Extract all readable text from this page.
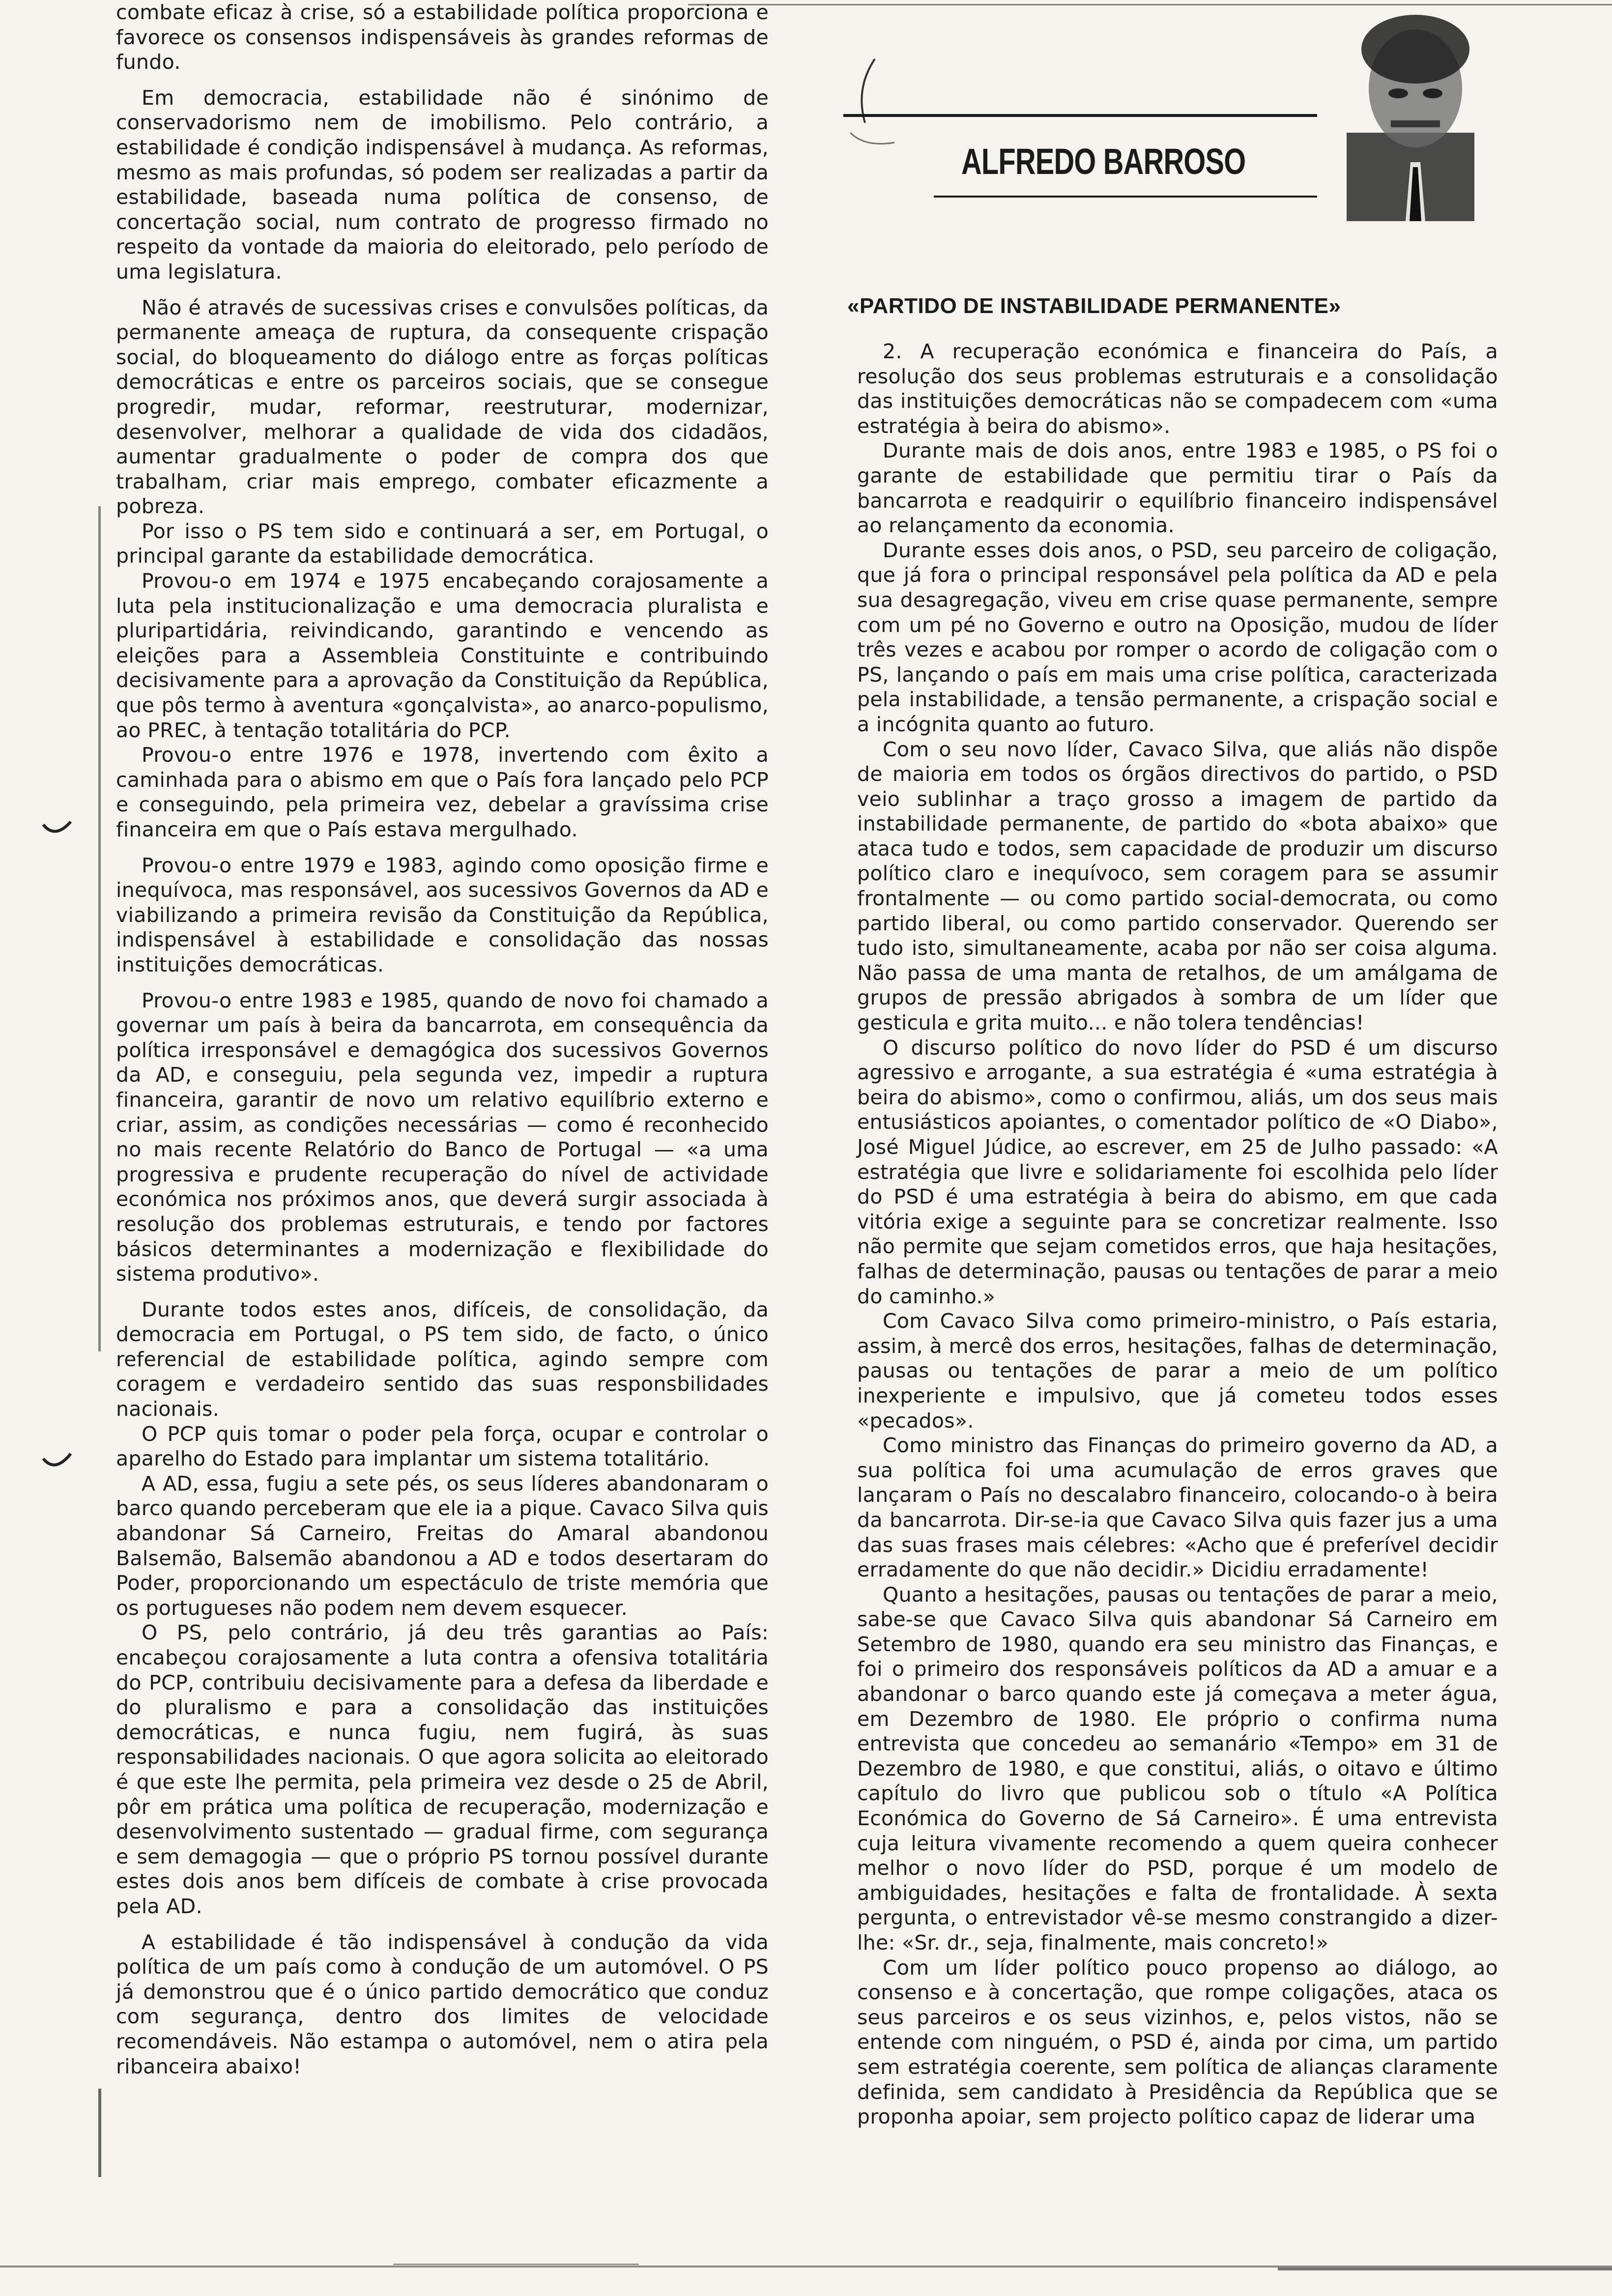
ALFREDO BARROSO
«PARTIDO DE INSTABILIDADE PERMANENTE»

combate eficaz à crise, só a estabilidade política proporciona e favorece os consensos indispensáveis às grandes reformas de fundo.

Em democracia, estabilidade não é sinónimo de conservadorismo nem de imobilismo. Pelo contrário, a estabilidade é condição indispensável à mudança. As reformas, mesmo as mais profundas, só podem ser realizadas a partir da estabilidade, baseada numa política de consenso, de concertação social, num contrato de progresso firmado no respeito da vontade da maioria do eleitorado, pelo período de uma legislatura.

Não é através de sucessivas crises e convulsões políticas, da permanente ameaça de ruptura, da consequente crispação social, do bloqueamento do diálogo entre as forças políticas democráticas e entre os parceiros sociais, que se consegue progredir, mudar, reformar, reestruturar, modernizar, desenvolver, melhorar a qualidade de vida dos cidadãos, aumentar gradualmente o poder de compra dos que trabalham, criar mais emprego, combater eficazmente a pobreza.

Por isso o PS tem sido e continuará a ser, em Portugal, o principal garante da estabilidade democrática.

Provou-o em 1974 e 1975 encabeçando corajosamente a luta pela institucionalização e uma democracia pluralista e pluripartidária, reivindicando, garantindo e vencendo as eleições para a Assembleia Constituinte e contribuindo decisivamente para a aprovação da Constituição da República, que pôs termo à aventura «gonçalvista», ao anarco-populismo, ao PREC, à tentação totalitária do PCP.

Provou-o entre 1976 e 1978, invertendo com êxito a caminhada para o abismo em que o País fora lançado pelo PCP e conseguindo, pela primeira vez, debelar a gravíssima crise financeira em que o País estava mergulhado.

Provou-o entre 1979 e 1983, agindo como oposição firme e inequívoca, mas responsável, aos sucessivos Governos da AD e viabilizando a primeira revisão da Constituição da República, indispensável à estabilidade e consolidação das nossas instituições democráticas.

Provou-o entre 1983 e 1985, quando de novo foi chamado a governar um país à beira da bancarrota, em consequência da política irresponsável e demagógica dos sucessivos Governos da AD, e conseguiu, pela segunda vez, impedir a ruptura financeira, garantir de novo um relativo equilíbrio externo e criar, assim, as condições necessárias — como é reconhecido no mais recente Relatório do Banco de Portugal — «a uma progressiva e prudente recuperação do nível de actividade económica nos próximos anos, que deverá surgir associada à resolução dos problemas estruturais, e tendo por factores básicos determinantes a modernização e flexibilidade do sistema produtivo».

Durante todos estes anos, difíceis, de consolidação, da democracia em Portugal, o PS tem sido, de facto, o único referencial de estabilidade política, agindo sempre com coragem e verdadeiro sentido das suas responsbilidades nacionais.

O PCP quis tomar o poder pela força, ocupar e controlar o aparelho do Estado para implantar um sistema totalitário.

A AD, essa, fugiu a sete pés, os seus líderes abandonaram o barco quando perceberam que ele ia a pique. Cavaco Silva quis abandonar Sá Carneiro, Freitas do Amaral abandonou Balsemão, Balsemão abandonou a AD e todos desertaram do Poder, proporcionando um espectáculo de triste memória que os portugueses não podem nem devem esquecer.

O PS, pelo contrário, já deu três garantias ao País: encabeçou corajosamente a luta contra a ofensiva totalitária do PCP, contribuiu decisivamente para a defesa da liberdade e do pluralismo e para a consolidação das instituições democráticas, e nunca fugiu, nem fugirá, às suas responsabilidades nacionais. O que agora solicita ao eleitorado é que este lhe permita, pela primeira vez desde o 25 de Abril, pôr em prática uma política de recuperação, modernização e desenvolvimento sustentado — gradual firme, com segurança e sem demagogia — que o próprio PS tornou possível durante estes dois anos bem difíceis de combate à crise provocada pela AD.

A estabilidade é tão indispensável à condução da vida política de um país como à condução de um automóvel. O PS já demonstrou que é o único partido democrático que conduz com segurança, dentro dos limites de velocidade recomendáveis. Não estampa o automóvel, nem o atira pela ribanceira abaixo!

2. A recuperação económica e financeira do País, a resolução dos seus problemas estruturais e a consolidação das instituições democráticas não se compadecem com «uma estratégia à beira do abismo».

Durante mais de dois anos, entre 1983 e 1985, o PS foi o garante de estabilidade que permitiu tirar o País da bancarrota e readquirir o equilíbrio financeiro indispensável ao relançamento da economia.

Durante esses dois anos, o PSD, seu parceiro de coligação, que já fora o principal responsável pela política da AD e pela sua desagregação, viveu em crise quase permanente, sempre com um pé no Governo e outro na Oposição, mudou de líder três vezes e acabou por romper o acordo de coligação com o PS, lançando o país em mais uma crise política, caracterizada pela instabilidade, a tensão permanente, a crispação social e a incógnita quanto ao futuro.

Com o seu novo líder, Cavaco Silva, que aliás não dispõe de maioria em todos os órgãos directivos do partido, o PSD veio sublinhar a traço grosso a imagem de partido da instabilidade permanente, de partido do «bota abaixo» que ataca tudo e todos, sem capacidade de produzir um discurso político claro e inequívoco, sem coragem para se assumir frontalmente — ou como partido social-democrata, ou como partido liberal, ou como partido conservador. Querendo ser tudo isto, simultaneamente, acaba por não ser coisa alguma. Não passa de uma manta de retalhos, de um amálgama de grupos de pressão abrigados à sombra de um líder que gesticula e grita muito... e não tolera tendências!

O discurso político do novo líder do PSD é um discurso agressivo e arrogante, a sua estratégia é «uma estratégia à beira do abismo», como o confirmou, aliás, um dos seus mais entusiásticos apoiantes, o comentador político de «O Diabo», José Miguel Júdice, ao escrever, em 25 de Julho passado: «A estratégia que livre e solidariamente foi escolhida pelo líder do PSD é uma estratégia à beira do abismo, em que cada vitória exige a seguinte para se concretizar realmente. Isso não permite que sejam cometidos erros, que haja hesitações, falhas de determinação, pausas ou tentações de parar a meio do caminho.»

Com Cavaco Silva como primeiro-ministro, o País estaria, assim, à mercê dos erros, hesitações, falhas de determinação, pausas ou tentações de parar a meio de um político inexperiente e impulsivo, que já cometeu todos esses «pecados».

Como ministro das Finanças do primeiro governo da AD, a sua política foi uma acumulação de erros graves que lançaram o País no descalabro financeiro, colocando-o à beira da bancarrota. Dir-se-ia que Cavaco Silva quis fazer jus a uma das suas frases mais célebres: «Acho que é preferível decidir erradamente do que não decidir.» Dicidiu erradamente!

Quanto a hesitações, pausas ou tentações de parar a meio, sabe-se que Cavaco Silva quis abandonar Sá Carneiro em Setembro de 1980, quando era seu ministro das Finanças, e foi o primeiro dos responsáveis políticos da AD a amuar e a abandonar o barco quando este já começava a meter água, em Dezembro de 1980. Ele próprio o confirma numa entrevista que concedeu ao semanário «Tempo» em 31 de Dezembro de 1980, e que constitui, aliás, o oitavo e último capítulo do livro que publicou sob o título «A Política Económica do Governo de Sá Carneiro». É uma entrevista cuja leitura vivamente recomendo a quem queira conhecer melhor o novo líder do PSD, porque é um modelo de ambiguidades, hesitações e falta de frontalidade. À sexta pergunta, o entrevistador vê-se mesmo constrangido a dizer-lhe: «Sr. dr., seja, finalmente, mais concreto!»

Com um líder político pouco propenso ao diálogo, ao consenso e à concertação, que rompe coligações, ataca os seus parceiros e os seus vizinhos, e, pelos vistos, não se entende com ninguém, o PSD é, ainda por cima, um partido sem estratégia coerente, sem política de alianças claramente definida, sem candidato à Presidência da República que se proponha apoiar, sem projecto político capaz de liderar uma
